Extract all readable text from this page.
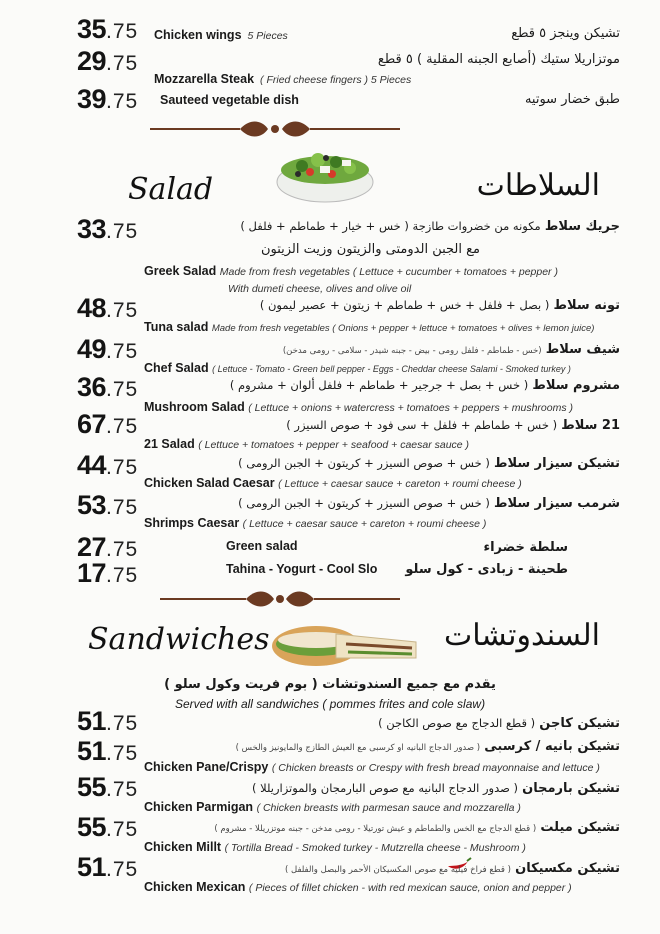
35.75 Chicken wings 5 Pieces	تشيكن وينجز ٥ قطع
29.75	موتزاريلا ستيك (أصابع الجبنه المقلية ) ٥ قطع
Mozzarella Steak ( Fried cheese fingers ) 5 Pieces
39.75 Sauteed vegetable dish	طبق خضار سوتيه
Salad	السلاطات
33.75	جريك سلاط مكونه من خضروات طازجة ( خس + خيار + طماطم + فلفل )
مع الجبن الدومتى والزيتون وزيت الزيتون
Greek Salad Made from fresh vegetables ( Lettuce + cucumber + tomatoes + pepper )
With dumeti cheese, olives and olive oil
48.75	تونه سلاط ( بصل + فلفل + خس + طماطم + زيتون + عصير ليمون )
Tuna salad Made from fresh vegetables ( Onions + pepper + lettuce + tomatoes + olives + lemon juice)
49.75	شيف سلاط (خس - طماطم - فلفل رومى - بيض - جبنه شيدر - سلامى - رومى مدخن)
Chef Salad ( Lettuce - Tomato - Green bell pepper - Eggs - Cheddar cheese Salami - Smoked turkey )
36.75	مشروم سلاط ( خس + بصل + جرجير + طماطم + فلفل ألوان + مشروم )
Mushroom Salad ( Lettuce + onions + watercress + tomatoes + peppers + mushrooms )
67.75	21 سلاط ( خس + طماطم + فلفل + سى فود + صوص السيزر )
21 Salad ( Lettuce + tomatoes + pepper + seafood + caesar sauce )
44.75	تشيكن سيزار سلاط ( خس + صوص السيزر + كريتون + الجبن الرومى )
Chicken Salad Caesar ( Lettuce + caesar sauce + careton + roumi cheese )
53.75	شرمب سيزار سلاط ( خس + صوص السيزر + كريتون + الجبن الرومى )
Shrimps Caesar ( Lettuce + caesar sauce + careton + roumi cheese )
27.75	Green salad	سلطة خضراء
17.75	Tahina - Yogurt - Cool Slo طحينة - زبادى - كول سلو
Sandwiches	السندوتشات
يقدم مع جميع السندوتشات ( بوم فريت وكول سلو )
Served with all sandwiches ( pommes frites and cole slaw)
51.75	تشيكن كاجن ( قطع الدجاج مع صوص الكاجن )
51.75	تشيكن بانيه / كرسبى ( صدور الدجاج البانيه او كرسبى مع العيش الطازج والمايونيز والخس )
Chicken Pane/Crispy ( Chicken breasts or Crespy with fresh bread mayonnaise and lettuce )
55.75	تشيكن بارمجان ( صدور الدجاج البانيه مع صوص البارمجان والموتزاريللا )
Chicken Parmigan ( Chicken breasts with parmesan sauce and mozzarella )
55.75	تشيكن ميلت ( قطع الدجاج مع الخس والطماطم و عيش تورتيلا - رومى مدخن - جبنه موتزريللا - مشروم )
Chicken Millt ( Tortilla Bread - Smoked turkey - Mutzrella cheese - Mushroom )
51.75	تشيكن مكسيكان ( قطع فراخ فيليه مع صوص المكسيكان الأحمر والبصل والفلفل )
Chicken Mexican ( Pieces of fillet chicken - with red mexican sauce, onion and pepper )
